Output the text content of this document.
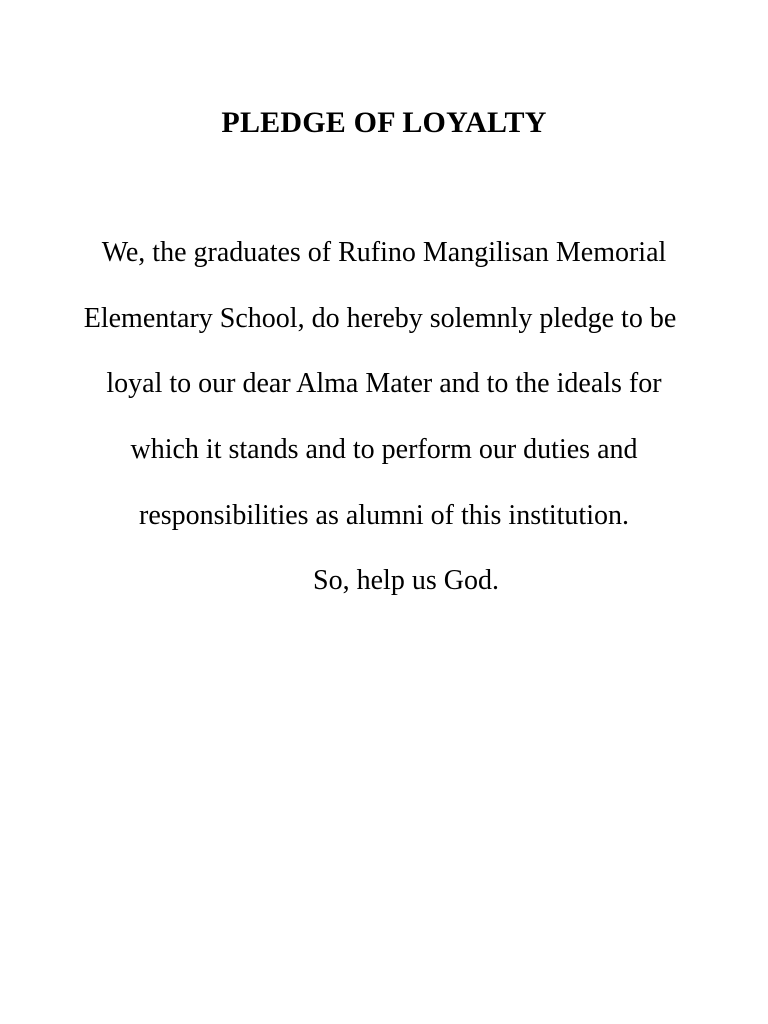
PLEDGE OF LOYALTY

We, the graduates of Rufino Mangilisan Memorial

Elementary School, do hereby solemnly pledge to be

loyal to our dear Alma Mater and to the ideals for

which it stands and to perform our duties and

responsibilities as alumni of this institution.

So, help us God.
